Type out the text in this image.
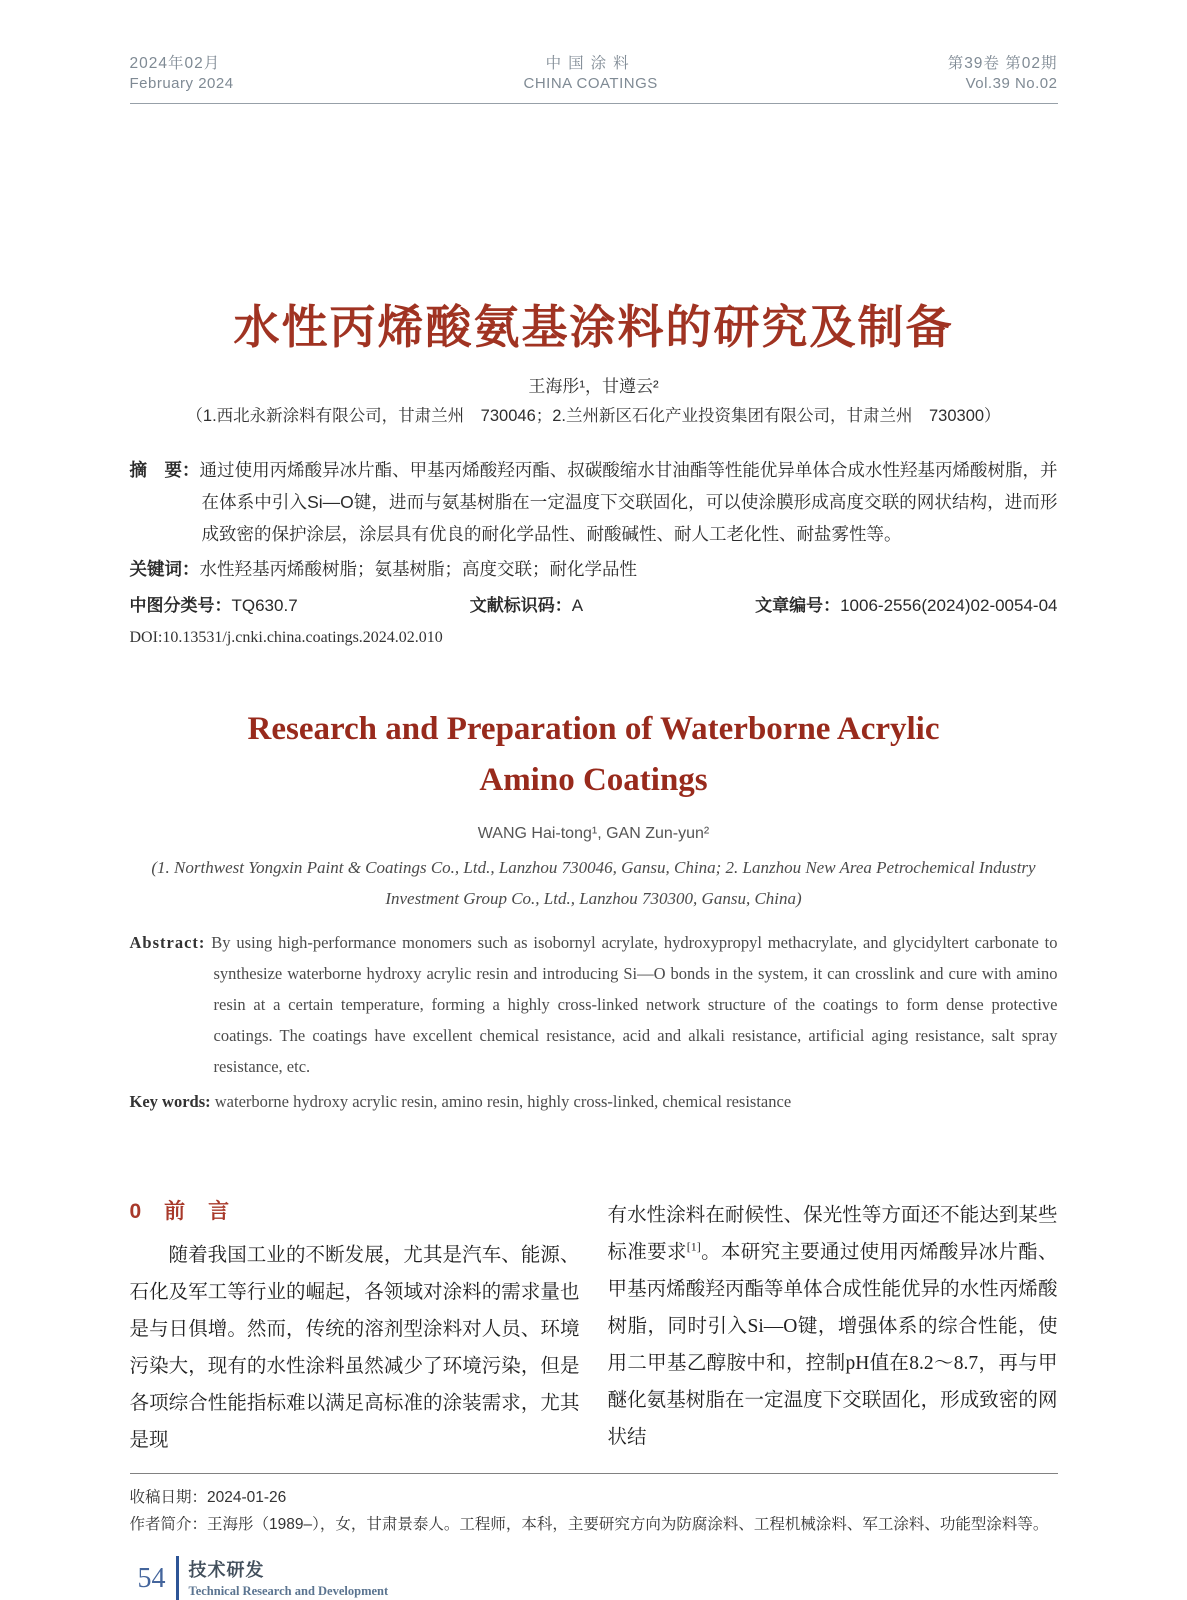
2024年02月
February 2024
中国涂料
CHINA COATINGS
第39卷 第02期
Vol.39 No.02
水性丙烯酸氨基涂料的研究及制备
王海彤¹，甘遵云²
（1.西北永新涂料有限公司，甘肃兰州　730046；2.兰州新区石化产业投资集团有限公司，甘肃兰州　730300）
摘　要：通过使用丙烯酸异冰片酯、甲基丙烯酸羟丙酯、叔碳酸缩水甘油酯等性能优异单体合成水性羟基丙烯酸树脂，并在体系中引入Si—O键，进而与氨基树脂在一定温度下交联固化，可以使涂膜形成高度交联的网状结构，进而形成致密的保护涂层，涂层具有优良的耐化学品性、耐酸碱性、耐人工老化性、耐盐雾性等。
关键词：水性羟基丙烯酸树脂；氨基树脂；高度交联；耐化学品性
中图分类号：TQ630.7	文献标识码：A	文章编号：1006-2556(2024)02-0054-04
DOI:10.13531/j.cnki.china.coatings.2024.02.010
Research and Preparation of Waterborne Acrylic Amino Coatings
WANG Hai-tong¹, GAN Zun-yun²
(1. Northwest Yongxin Paint & Coatings Co., Ltd., Lanzhou 730046, Gansu, China; 2. Lanzhou New Area Petrochemical Industry Investment Group Co., Ltd., Lanzhou 730300, Gansu, China)
Abstract: By using high-performance monomers such as isobornyl acrylate, hydroxypropyl methacrylate, and glycidyltert carbonate to synthesize waterborne hydroxy acrylic resin and introducing Si—O bonds in the system, it can crosslink and cure with amino resin at a certain temperature, forming a highly cross-linked network structure of the coatings to form dense protective coatings. The coatings have excellent chemical resistance, acid and alkali resistance, artificial aging resistance, salt spray resistance, etc.
Key words: waterborne hydroxy acrylic resin, amino resin, highly cross-linked, chemical resistance
0　前　言

随着我国工业的不断发展，尤其是汽车、能源、石化及军工等行业的崛起，各领域对涂料的需求量也是与日俱增。然而，传统的溶剂型涂料对人员、环境污染大，现有的水性涂料虽然减少了环境污染，但是各项综合性能指标难以满足高标准的涂装需求，尤其是现

有水性涂料在耐候性、保光性等方面还不能达到某些标准要求[1]。本研究主要通过使用丙烯酸异冰片酯、甲基丙烯酸羟丙酯等单体合成性能优异的水性丙烯酸树脂，同时引入Si—O键，增强体系的综合性能，使用二甲基乙醇胺中和，控制pH值在8.2～8.7，再与甲醚化氨基树脂在一定温度下交联固化，形成致密的网状结

收稿日期：2024-01-26
作者简介：王海彤（1989–），女，甘肃景泰人。工程师，本科，主要研究方向为防腐涂料、工程机械涂料、军工涂料、功能型涂料等。
54	技术研发
Technical Research and Development
